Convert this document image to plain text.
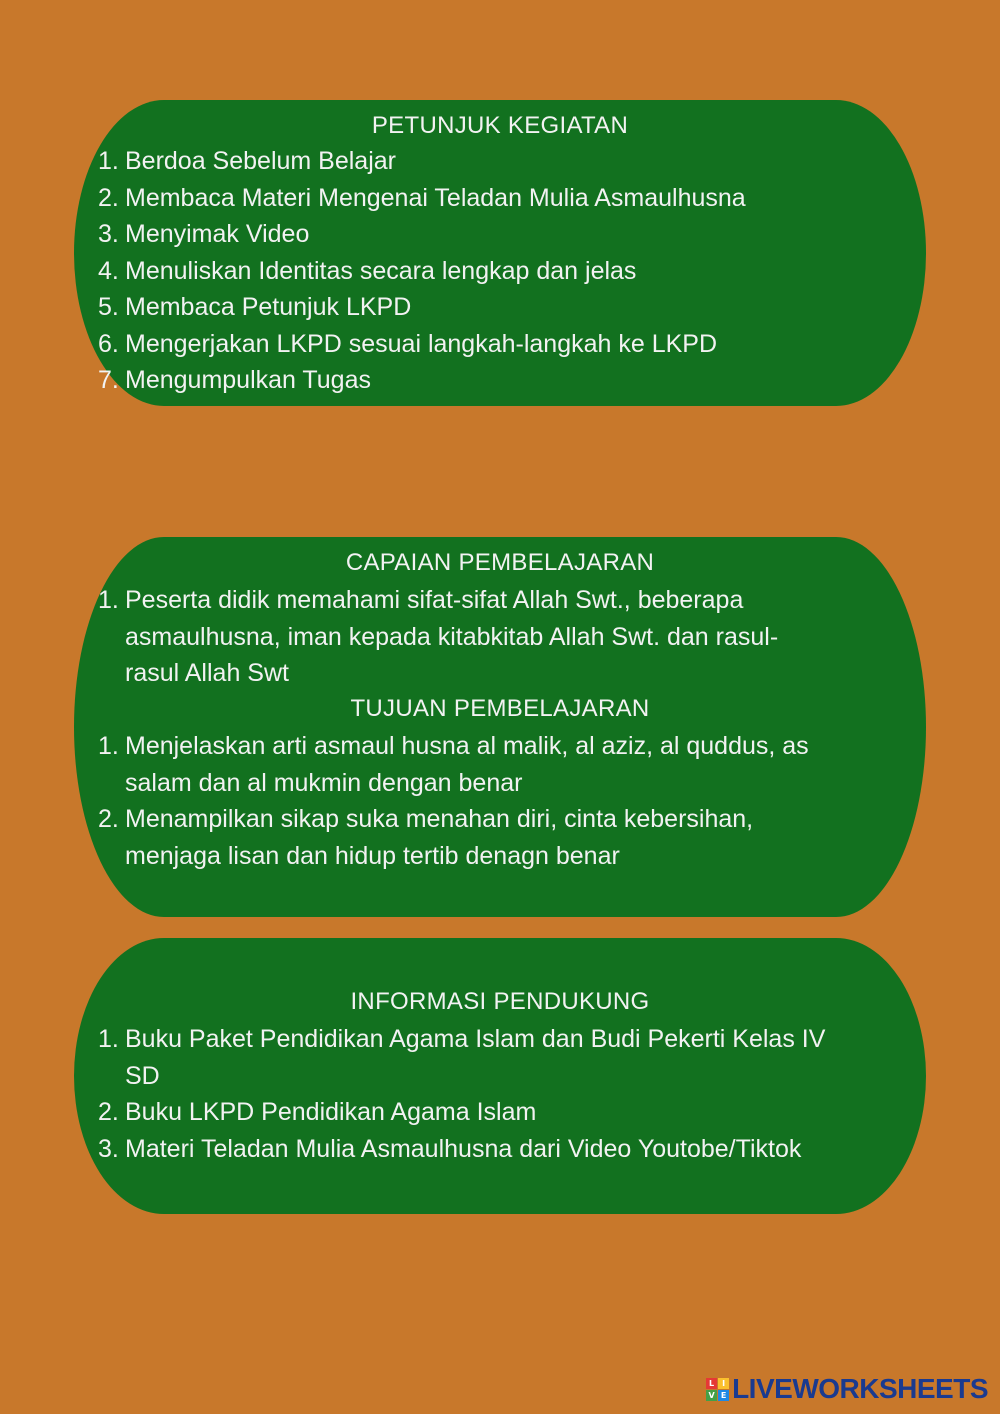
PETUNJUK KEGIATAN
1. Berdoa Sebelum Belajar
2. Membaca Materi Mengenai Teladan Mulia Asmaulhusna
3. Menyimak Video
4. Menuliskan Identitas secara lengkap dan jelas
5. Membaca Petunjuk LKPD
6. Mengerjakan LKPD sesuai langkah-langkah ke LKPD
7. Mengumpulkan Tugas
CAPAIAN PEMBELAJARAN
1. Peserta didik memahami sifat-sifat Allah Swt., beberapa
asmaulhusna, iman kepada kitabkitab Allah Swt. dan rasul-
rasul Allah Swt
TUJUAN PEMBELAJARAN
1. Menjelaskan arti asmaul husna al malik, al aziz, al quddus, as
salam dan al mukmin dengan benar
2. Menampilkan sikap suka menahan diri, cinta kebersihan,
menjaga lisan dan hidup tertib denagn benar
INFORMASI PENDUKUNG
1. Buku Paket Pendidikan Agama Islam dan Budi Pekerti Kelas IV
SD
2. Buku LKPD Pendidikan Agama Islam
3. Materi Teladan Mulia Asmaulhusna dari Video Youtobe/Tiktok
L I
V E LIVEWORKSHEETS
